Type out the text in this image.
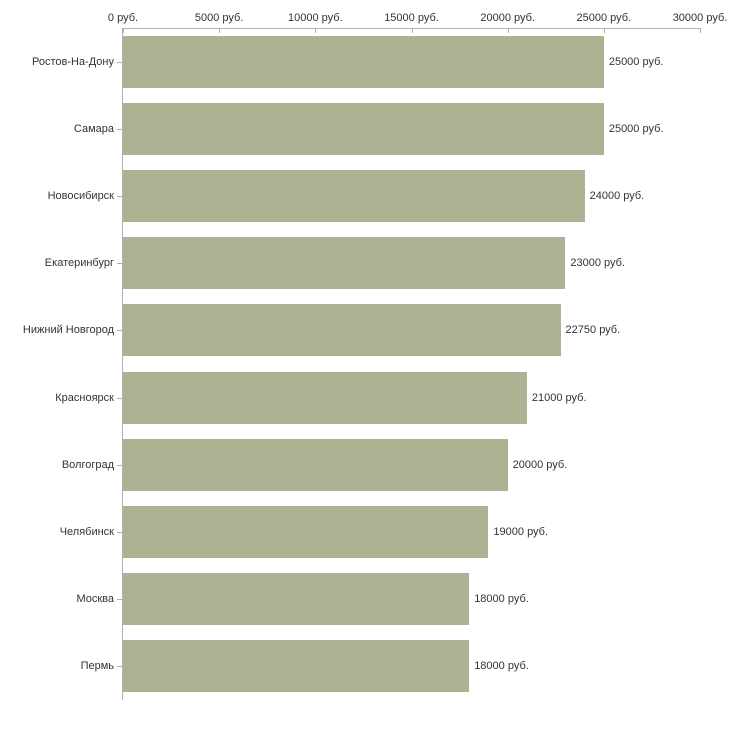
0 руб.	5000 руб.	10000 руб.	15000 руб.	20000 руб.	25000 руб.	30000 руб.
25000 руб.
25000 руб.
24000 руб.
23000 руб.
22750 руб.
21000 руб.
20000 руб.
19000 руб.
18000 руб.
18000 руб.
Ростов-На-Дону
Самара
Новосибирск
Екатеринбург
Нижний Новгород
Красноярск
Волгоград
Челябинск
Москва
Пермь
